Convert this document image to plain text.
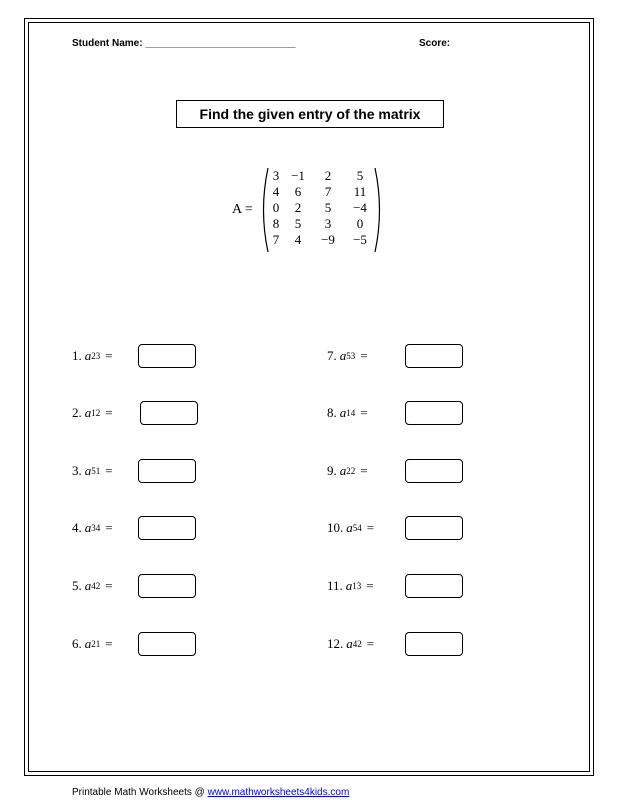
Student Name: ___________________________	Score:
Find the given entry of the matrix
A =
3 −1	2	5
4	6	7	11
0	2	5	−4
8	5	3	0
7	4	−9	−5
1. a 23 =
2. a 12 =
3. a 51 =
4. a 34 =
5. a 42 =
6. a 21 =
7. a 53 =
8. a 14 =
9. a 22 =
10. a 54 =
11. a 13 =
12. a 42 =
Printable Math Worksheets @ www.mathworksheets4kids.com
